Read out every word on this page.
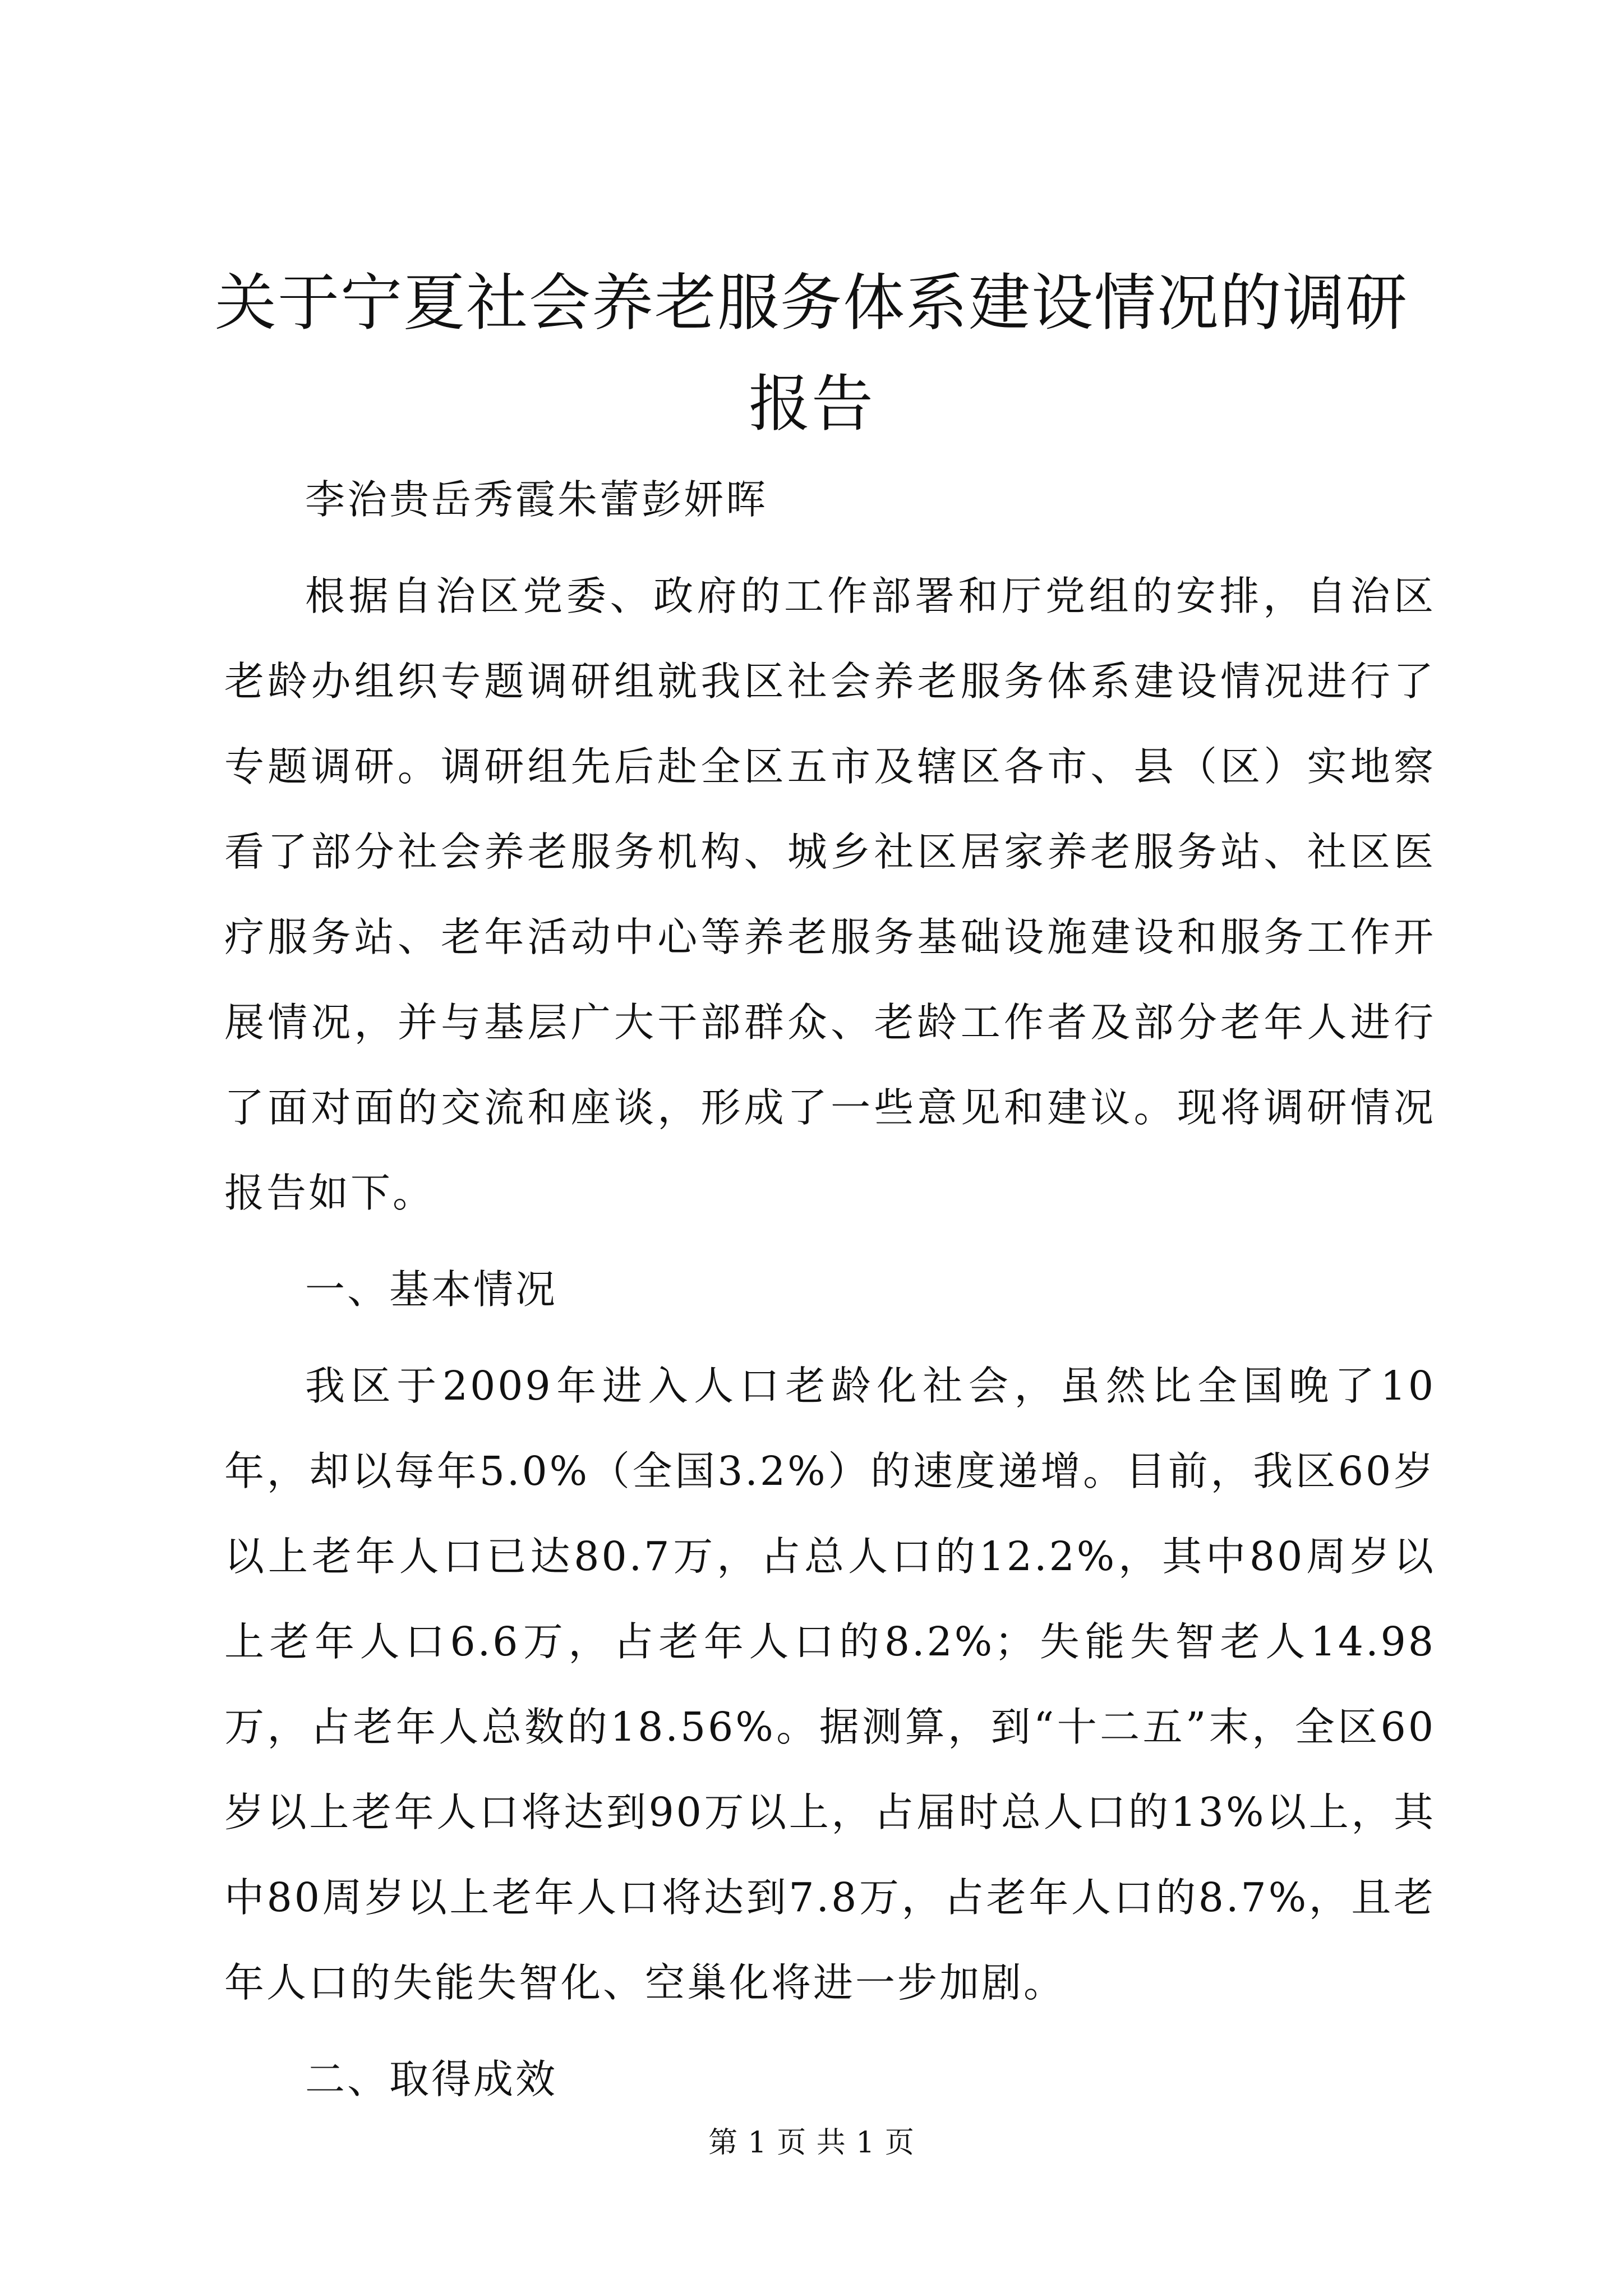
关于宁夏社会养老服务体系建设情况的调研报告

李治贵岳秀霞朱蕾彭妍晖

根据自治区党委、政府的工作部署和厅党组的安排，自治区老龄办组织专题调研组就我区社会养老服务体系建设情况进行了专题调研。调研组先后赴全区五市及辖区各市、县（区）实地察看了部分社会养老服务机构、城乡社区居家养老服务站、社区医疗服务站、老年活动中心等养老服务基础设施建设和服务工作开展情况，并与基层广大干部群众、老龄工作者及部分老年人进行了面对面的交流和座谈，形成了一些意见和建议。现将调研情况报告如下。

一、基本情况

我区于2009年进入人口老龄化社会，虽然比全国晚了10年，却以每年5.0%（全国3.2%）的速度递增。目前，我区60岁以上老年人口已达80.7万，占总人口的12.2%，其中80周岁以上老年人口6.6万，占老年人口的8.2%；失能失智老人14.98万，占老年人总数的18.56%。据测算，到“十二五”末，全区60岁以上老年人口将达到90万以上，占届时总人口的13%以上，其中80周岁以上老年人口将达到7.8万，占老年人口的8.7%，且老年人口的失能失智化、空巢化将进一步加剧。

二、取得成效

第 1 页 共 1 页
